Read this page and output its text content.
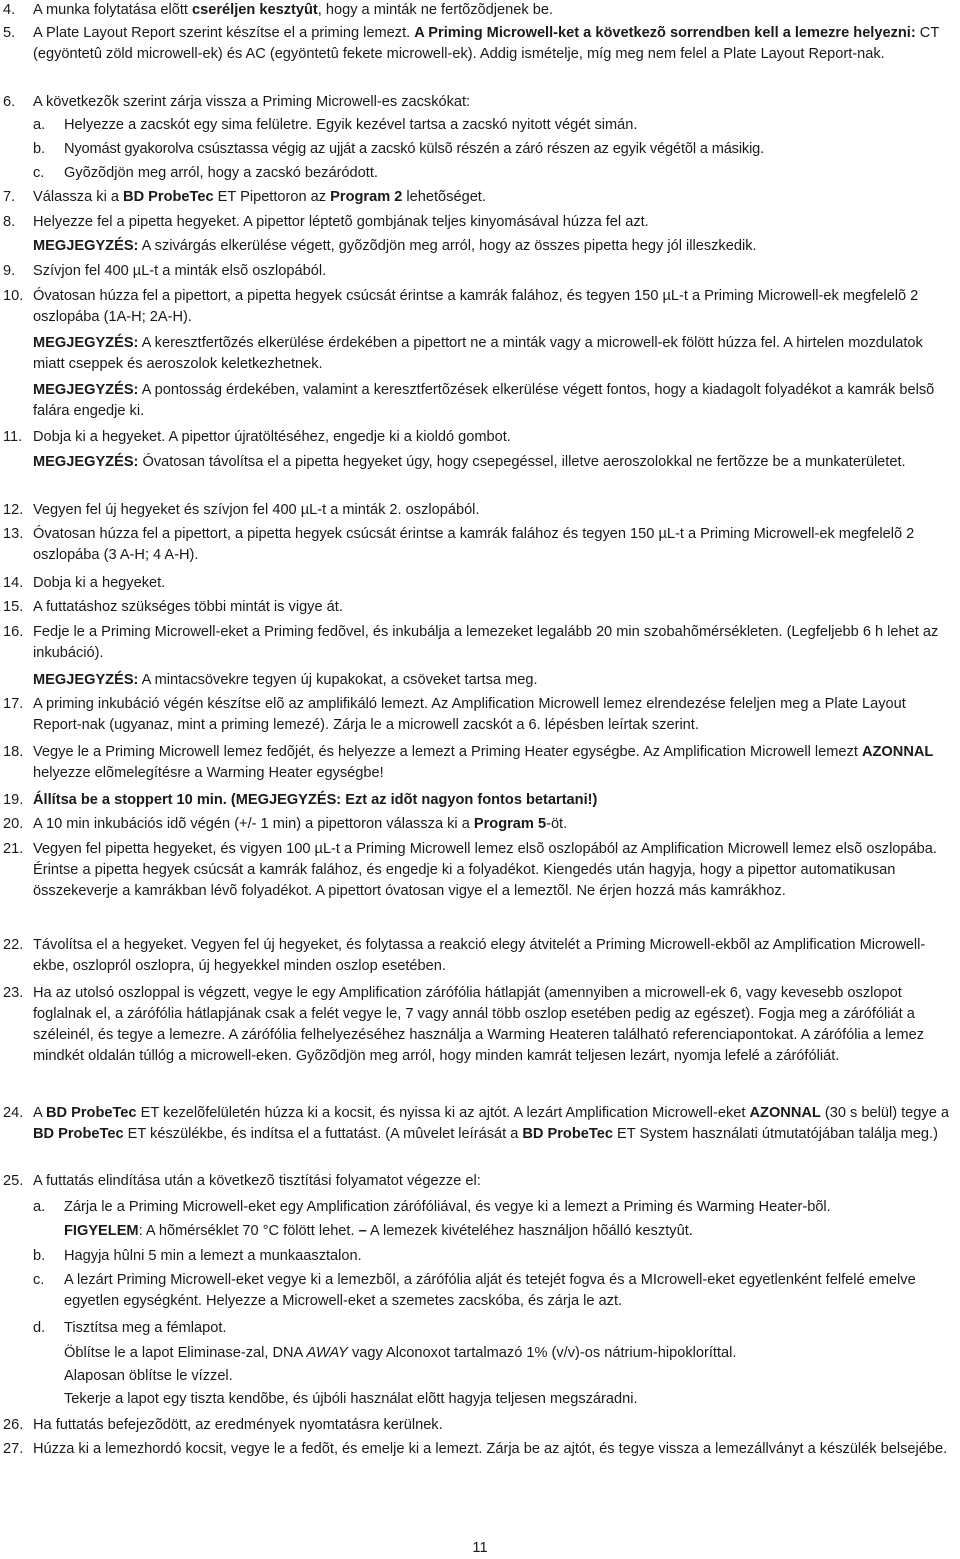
4. A munka folytatása elõtt cseréljen kesztyût, hogy a minták ne fertõzõdjenek be.
5. A Plate Layout Report szerint készítse el a priming lemezt. A Priming Microwell-ket a következõ sorrendben kell a lemezre helyezni: CT (egyöntetû zöld microwell-ek) és AC (egyöntetû fekete microwell-ek). Addig ismételje, míg meg nem felel a Plate Layout Report-nak.
6. A következõk szerint zárja vissza a Priming Microwell-es zacskókat:
a. Helyezze a zacskót egy sima felületre. Egyik kezével tartsa a zacskó nyitott végét simán.
b. Nyomást gyakorolva csúsztassa végig az ujját a zacskó külsõ részén a záró részen az egyik végétõl a másikig.
c. Gyõzõdjön meg arról, hogy a zacskó bezáródott.
7. Válassza ki a BD ProbeTec ET Pipettoron az Program 2 lehetõséget.
8. Helyezze fel a pipetta hegyeket. A pipettor léptetõ gombjának teljes kinyomásával húzza fel azt.
MEGJEGYZÉS: A szivárgás elkerülése végett, gyõzõdjön meg arról, hogy az összes pipetta hegy jól illeszkedik.
9. Szívjon fel 400 µL-t a minták elsõ oszlopából.
10. Óvatosan húzza fel a pipettort, a pipetta hegyek csúcsát érintse a kamrák falához, és tegyen 150 µL-t a Priming Microwell-ek megfelelõ 2 oszlopába (1A-H; 2A-H).
MEGJEGYZÉS: A keresztfertõzés elkerülése érdekében a pipettort ne a minták vagy a microwell-ek fölött húzza fel. A hirtelen mozdulatok miatt cseppek és aeroszolok keletkezhetnek.
MEGJEGYZÉS: A pontosság érdekében, valamint a keresztfertõzések elkerülése végett fontos, hogy a kiadagolt folyadékot a kamrák belsõ falára engedje ki.
11. Dobja ki a hegyeket. A pipettor újratöltéséhez, engedje ki a kioldó gombot.
MEGJEGYZÉS: Óvatosan távolítsa el a pipetta hegyeket úgy, hogy csepegéssel, illetve aeroszolokkal ne fertõzze be a munkaterületet.
12. Vegyen fel új hegyeket és szívjon fel 400 µL-t a minták 2. oszlopából.
13. Óvatosan húzza fel a pipettort, a pipetta hegyek csúcsát érintse a kamrák falához és tegyen 150 µL-t a Priming Microwell-ek megfelelõ 2 oszlopába (3 A-H; 4 A-H).
14. Dobja ki a hegyeket.
15. A futtatáshoz szükséges többi mintát is vigye át.
16. Fedje le a Priming Microwell-eket a Priming fedõvel, és inkubálja a lemezeket legalább 20 min szobahõmérsékleten. (Legfeljebb 6 h lehet az inkubáció).
MEGJEGYZÉS: A mintacsövekre tegyen új kupakokat, a csöveket tartsa meg.
17. A priming inkubáció végén készítse elõ az amplifikáló lemezt. Az Amplification Microwell lemez elrendezése feleljen meg a Plate Layout Report-nak (ugyanaz, mint a priming lemezé). Zárja le a microwell zacskót a 6. lépésben leírtak szerint.
18. Vegye le a Priming Microwell lemez fedõjét, és helyezze a lemezt a Priming Heater egységbe. Az Amplification Microwell lemezt AZONNAL helyezze elõmelegítésre a Warming Heater egységbe!
19. Állítsa be a stoppert 10 min. (MEGJEGYZÉS: Ezt az idõt nagyon fontos betartani!)
20. A 10 min inkubációs idõ végén (+/- 1 min) a pipettoron válassza ki a Program 5-öt.
21. Vegyen fel pipetta hegyeket, és vigyen 100 µL-t a Priming Microwell lemez elsõ oszlopából az Amplification Microwell lemez elsõ oszlopába. Érintse a pipetta hegyek csúcsát a kamrák falához, és engedje ki a folyadékot. Kiengedés után hagyja, hogy a pipettor automatikusan összekeverje a kamrákban lévõ folyadékot. A pipettort óvatosan vigye el a lemeztõl. Ne érjen hozzá más kamrákhoz.
22. Távolítsa el a hegyeket. Vegyen fel új hegyeket, és folytassa a reakció elegy átvitelét a Priming Microwell-ekbõl az Amplification Microwell-ekbe, oszlopról oszlopra, új hegyekkel minden oszlop esetében.
23. Ha az utolsó oszloppal is végzett, vegye le egy Amplification zárófólia hátlapját (amennyiben a microwell-ek 6, vagy kevesebb oszlopot foglalnak el, a zárófólia hátlapjának csak a felét vegye le, 7 vagy annál több oszlop esetében pedig az egészet). Fogja meg a zárófóliát a széleinél, és tegye a lemezre. A zárófólia felhelyezéséhez használja a Warming Heateren található referenciapontokat. A zárófólia a lemez mindkét oldalán túllóg a microwell-eken. Gyõzõdjön meg arról, hogy minden kamrát teljesen lezárt, nyomja lefelé a zárófóliát.
24. A BD ProbeTec ET kezelõfelületén húzza ki a kocsit, és nyissa ki az ajtót. A lezárt Amplification Microwell-eket AZONNAL (30 s belül) tegye a BD ProbeTec ET készülékbe, és indítsa el a futtatást. (A mûvelet leírását a BD ProbeTec ET System használati útmutatójában találja meg.)
25. A futtatás elindítása után a következõ tisztítási folyamatot végezze el:
a. Zárja le a Priming Microwell-eket egy Amplification zárófóliával, és vegye ki a lemezt a Priming és Warming Heater-bõl.
FIGYELEM: A hõmérséklet 70 °C fölött lehet. – A lemezek kivételéhez használjon hõálló kesztyût.
b. Hagyja hûlni 5 min a lemezt a munkaasztalon.
c. A lezárt Priming Microwell-eket vegye ki a lemezbõl, a zárófólia alját és tetejét fogva és a MIcrowell-eket egyetlenként felfelé emelve egyetlen egységként. Helyezze a Microwell-eket a szemetes zacskóba, és zárja le azt.
d. Tisztítsa meg a fémlapot.
Öblítse le a lapot Eliminase-zal, DNA AWAY vagy Alconoxot tartalmazó 1% (v/v)-os nátrium-hipokloríttal.
Alaposan öblítse le vízzel.
Tekerje a lapot egy tiszta kendõbe, és újbóli használat elõtt hagyja teljesen megszáradni.
26. Ha futtatás befejezõdött, az eredmények nyomtatásra kerülnek.
27. Húzza ki a lemezhordó kocsit, vegye le a fedõt, és emelje ki a lemezt. Zárja be az ajtót, és tegye vissza a lemezállványt a készülék belsejébe.
11
